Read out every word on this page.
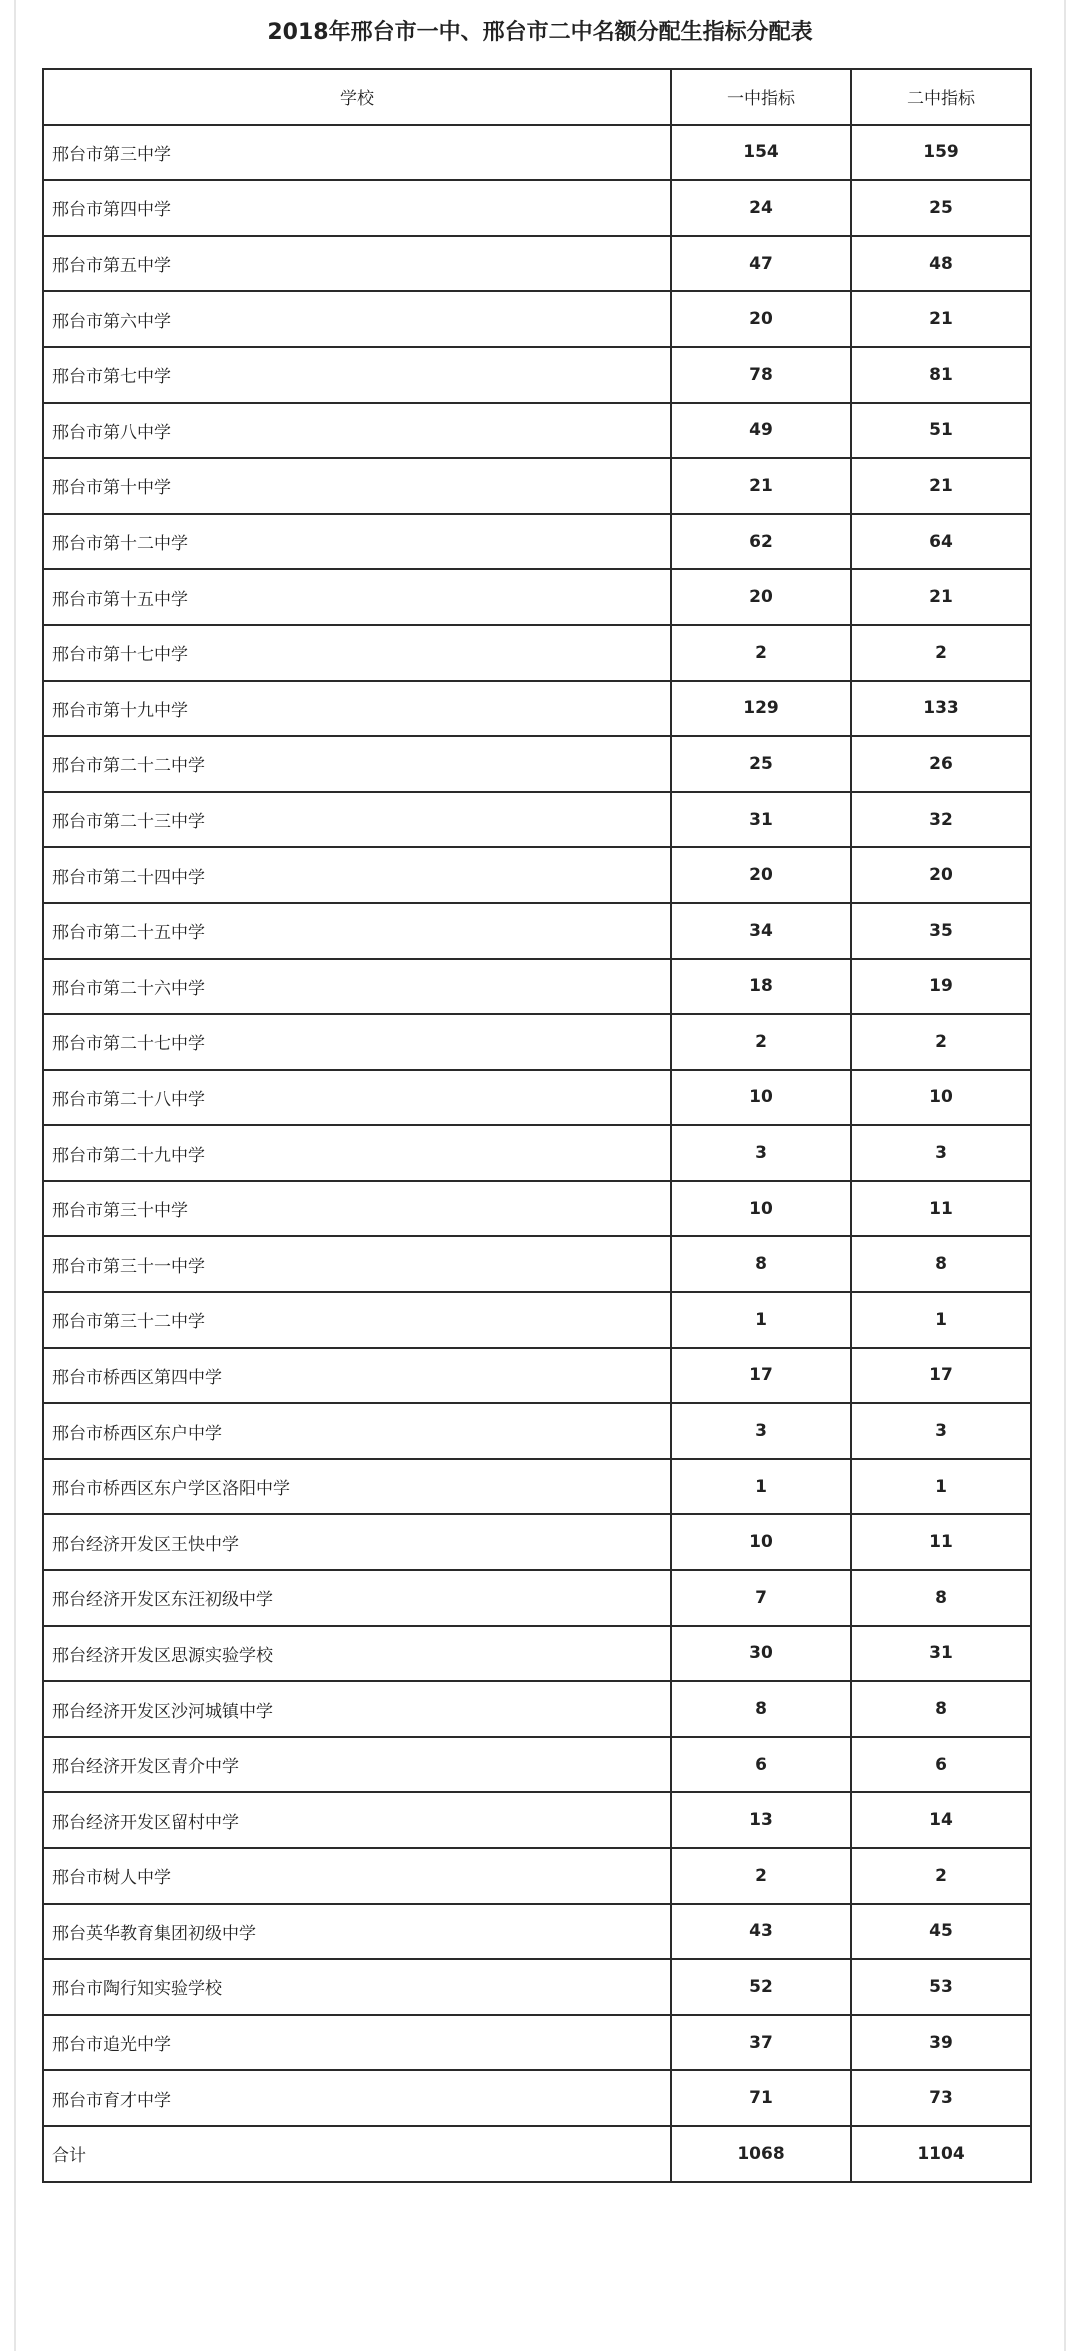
2018年邢台市一中、邢台市二中名额分配生指标分配表
学校	一中指标	二中指标
邢台市第三中学	154	159
邢台市第四中学	24	25
邢台市第五中学	47	48
邢台市第六中学	20	21
邢台市第七中学	78	81
邢台市第八中学	49	51
邢台市第十中学	21	21
邢台市第十二中学	62	64
邢台市第十五中学	20	21
邢台市第十七中学	2	2
邢台市第十九中学	129	133
邢台市第二十二中学	25	26
邢台市第二十三中学	31	32
邢台市第二十四中学	20	20
邢台市第二十五中学	34	35
邢台市第二十六中学	18	19
邢台市第二十七中学	2	2
邢台市第二十八中学	10	10
邢台市第二十九中学	3	3
邢台市第三十中学	10	11
邢台市第三十一中学	8	8
邢台市第三十二中学	1	1
邢台市桥西区第四中学	17	17
邢台市桥西区东户中学	3	3
邢台市桥西区东户学区洛阳中学	1	1
邢台经济开发区王快中学	10	11
邢台经济开发区东汪初级中学	7	8
邢台经济开发区思源实验学校	30	31
邢台经济开发区沙河城镇中学	8	8
邢台经济开发区青介中学	6	6
邢台经济开发区留村中学	13	14
邢台市树人中学	2	2
邢台英华教育集团初级中学	43	45
邢台市陶行知实验学校	52	53
邢台市追光中学	37	39
邢台市育才中学	71	73
合计	1068	1104
